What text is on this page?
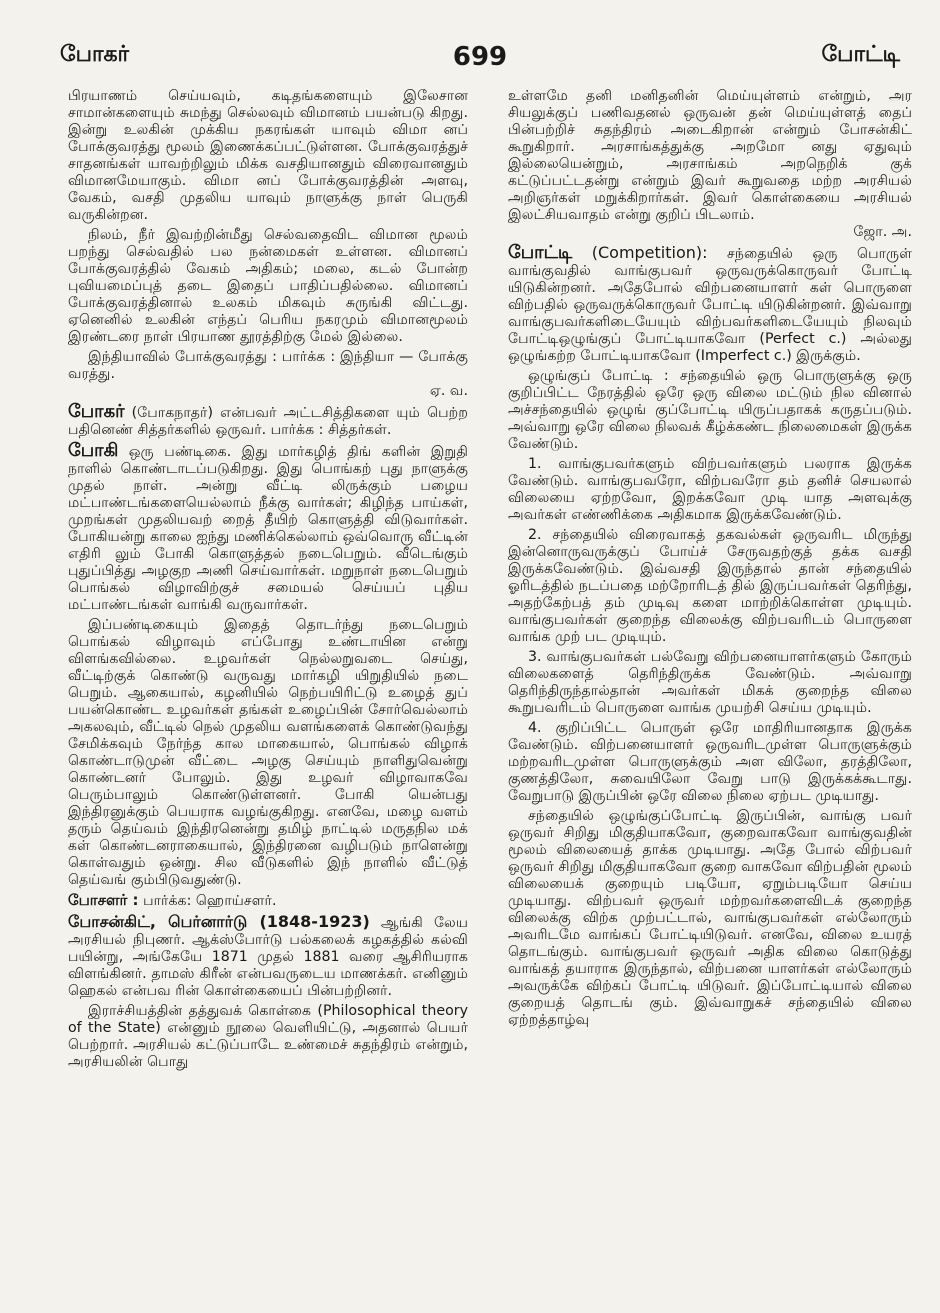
போகர்	699	போட்டி

பிரயாணம் செய்யவும், கடிதங்களையும் இலேசான சாமான்களையும் சுமந்து செல்லவும் விமானம் பயன்படு கிறது. இன்று உலகின் முக்கிய நகரங்கள் யாவும் விமா னப் போக்குவரத்து மூலம் இணைக்கப்பட்டுள்ளன. போக்குவரத்துச் சாதனங்கள் யாவற்றிலும் மிக்க வசதியானதும் விரைவானதும் விமானமேயாகும். விமா னப் போக்குவரத்தின் அளவு, வேகம், வசதி முதலிய யாவும் நாளுக்கு நாள் பெருகி வருகின்றன.

நிலம், நீர் இவற்றின்மீது செல்வதைவிட விமான மூலம் பறந்து செல்வதில் பல நன்மைகள் உள்ளன. விமானப் போக்குவரத்தில் வேகம் அதிகம்; மலை, கடல் போன்ற புவியமைப்புத் தடை இதைப் பாதிப்பதில்லை. விமானப் போக்குவரத்தினால் உலகம் மிகவும் சுருங்கி விட்டது. ஏனெனில் உலகின் எந்தப் பெரிய நகரமும் விமானமூலம் இரண்டரை நாள் பிரயாண தூரத்திற்கு மேல் இல்லை.

இந்தியாவில் போக்குவரத்து : பார்க்க : இந்தியா — போக்கு வரத்து.
ஏ. வ.

போகர் (போகநாதர்) என்பவர் அட்டசித்திகளை யும் பெற்ற பதினெண் சித்தர்களில் ஒருவர். பார்க்க : சித்தர்கள்.

போகி ஒரு பண்டிகை. இது மார்கழித் திங் களின் இறுதி நாளில் கொண்டாடப்படுகிறது. இது பொங்கற் புது நாளுக்கு முதல் நாள். அன்று வீட்டி லிருக்கும் பழைய மட்பாண்டங்களையெல்லாம் நீக்கு வார்கள்; கிழிந்த பாய்கள், முறங்கள் முதலியவற் றைத் தீயிற் கொளுத்தி விடுவார்கள். போகியன்று காலை ஐந்து மணிக்கெல்லாம் ஒவ்வொரு வீட்டின் எதிரி லும் போகி கொளுத்தல் நடைபெறும். வீடெங்கும் புதுப்பித்து அழகுற அணி செய்வார்கள். மறுநாள் நடைபெறும் பொங்கல் விழாவிற்குச் சமையல் செய்யப் புதிய மட்பாண்டங்கள் வாங்கி வருவார்கள்.

இப்பண்டிகையும் இதைத் தொடர்ந்து நடைபெறும் பொங்கல் விழாவும் எப்போது உண்டாயின என்று விளங்கவில்லை. உழவர்கள் நெல்லறுவடை செய்து, வீட்டிற்குக் கொண்டு வருவது மார்கழி யிறுதியில் நடை பெறும். ஆகையால், கழனியில் நெற்பயிரிட்டு உழைத் துப் பயன்கொண்ட உழவர்கள் தங்கள் உழைப்பின் சோர்வெல்லாம் அகலவும், வீட்டில் நெல் முதலிய வளங்களைக் கொண்டுவந்து சேமிக்கவும் நேர்ந்த கால மாகையால், பொங்கல் விழாக் கொண்டாடுமுன் வீட்டை அழகு செய்யும் நாளிதுவென்று கொண்டனர் போலும். இது உழவர் விழாவாகவே பெரும்பாலும் கொண்டுள்ளனர். போகி யென்பது இந்திரனுக்கும் பெயராக வழங்குகிறது. எனவே, மழை வளம் தரும் தெய்வம் இந்திரனென்று தமிழ் நாட்டில் மருதநில மக் கள் கொண்டனராகையால், இந்திரனை வழிபடும் நாளென்று கொள்வதும் ஒன்று. சில வீடுகளில் இந் நாளில் வீட்டுத் தெய்வங் கும்பிடுவதுண்டு.

போசளர் : பார்க்க: ஹொய்சளர்.

போசன்கிட், பெர்னார்டு (1848-1923) ஆங்கி லேய அரசியல் நிபுணர். ஆக்ஸ்போர்டு பல்கலைக் கழகத்தில் கல்வி பயின்று, அங்கேயே 1871 முதல் 1881 வரை ஆசிரியராக விளங்கினர். தாமஸ் கிரீன் என்பவருடைய மாணக்கர். எனினும் ஹெகல் என்பவ ரின் கொள்கையைப் பின்பற்றினர்.

இராச்சியத்தின் தத்துவக் கொள்கை (Philosophical theory of the State) என்னும் நூலை வெளியிட்டு, அதனால் பெயர் பெற்றார். அரசியல் கட்டுப்பாடே உண்மைச் சுதந்திரம் என்றும், அரசியலின் பொது

உள்ளமே தனி மனிதனின் மெய்யுள்ளம் என்றும், அர சியலுக்குப் பணிவதனல் ஒருவன் தன் மெய்யுள்ளத் தைப் பின்பற்றிச் சுதந்திரம் அடைகிறான் என்றும் போசன்கிட் கூறுகிறார். அரசாங்கத்துக்கு அறமோ னது ஏதுவும் இல்லையென்றும், அரசாங்கம் அறநெறிக் குக் கட்டுப்பட்டதன்று என்றும் இவர் கூறுவதை மற்ற அரசியல் அறிஞர்கள் மறுக்கிறார்கள். இவர் கொள்கையை அரசியல் இலட்சியவாதம் என்று குறிப் பிடலாம்.
ஜோ. அ.

போட்டி (Competition): சந்தையில் ஒரு பொருள் வாங்குவதில் வாங்குபவர் ஒருவருக்கொருவர் போட்டி யிடுகின்றனர். அதேபோல் விற்பனையாளர் கள் பொருளை விற்பதில் ஒருவருக்கொருவர் போட்டி யிடுகின்றனர். இவ்வாறு வாங்குபவர்களிடையேயும் விற்பவர்களிடையேயும் நிலவும் போட்டிஒழுங்குப் போட்டியாகவோ (Perfect c.) அல்லது ஒழுங்கற்ற போட்டியாகவோ (Imperfect c.) இருக்கும்.

ஒழுங்குப் போட்டி : சந்தையில் ஒரு பொருளுக்கு ஒரு குறிப்பிட்ட நேரத்தில் ஒரே ஒரு விலை மட்டும் நில வினால் அச்சந்தையில் ஒழுங் குப்போட்டி யிருப்பதாகக் கருதப்படும். அவ்வாறு ஒரே விலை நிலவக் கீழ்க்கண்ட நிலைமைகள் இருக்க வேண்டும்.

1. வாங்குபவர்களும் விற்பவர்களும் பலராக இருக்க வேண்டும். வாங்குபவரோ, விற்பவரோ தம் தனிச் செயலால் விலையை ஏற்றவோ, இறக்கவோ முடி யாத அளவுக்கு அவர்கள் எண்ணிக்கை அதிகமாக இருக்கவேண்டும்.

2. சந்தையில் விரைவாகத் தகவல்கள் ஒருவரிட மிருந்து இன்னொருவருக்குப் போய்ச் சேருவதற்குத் தக்க வசதி இருக்கவேண்டும். இவ்வசதி இருந்தால் தான் சந்தையில் ஓரிடத்தில் நடப்பதை மற்றோரிடத் தில் இருப்பவர்கள் தெரிந்து, அதற்கேற்பத் தம் முடிவு களை மாற்றிக்கொள்ள முடியும். வாங்குபவர்கள் குறைந்த விலைக்கு விற்பவரிடம் பொருளை வாங்க முற் பட முடியும்.

3. வாங்குபவர்கள் பல்வேறு விற்பனையாளர்களும் கோரும் விலைகளைத் தெரிந்திருக்க வேண்டும். அவ்வாறு தெரிந்திருந்தால்தான் அவர்கள் மிகக் குறைந்த விலை கூறுபவரிடம் பொருளை வாங்க முயற்சி செய்ய முடியும்.

4. குறிப்பிட்ட பொருள் ஒரே மாதிரியானதாக இருக்க வேண்டும். விற்பனையாளர் ஒருவரிடமுள்ள பொருளுக்கும் மற்றவரிடமுள்ள பொருளுக்கும் அள விலோ, தரத்திலோ, குணத்திலோ, சுவையிலோ வேறு பாடு இருக்கக்கூடாது. வேறுபாடு இருப்பின் ஒரே விலை நிலை ஏற்பட முடியாது.

சந்தையில் ஒழுங்குப்போட்டி இருப்பின், வாங்கு பவர் ஒருவர் சிறிது மிகுதியாகவோ, குறைவாகவோ வாங்குவதின் மூலம் விலையைத் தாக்க முடியாது. அதே போல் விற்பவர் ஒருவர் சிறிது மிகுதியாகவோ குறை வாகவோ விற்பதின் மூலம் விலையைக் குறையும் படியோ, ஏறும்படியோ செய்ய முடியாது. விற்பவர் ஒருவர் மற்றவர்களைவிடக் குறைந்த விலைக்கு விற்க முற்பட்டால், வாங்குபவர்கள் எல்லோரும் அவரிடமே வாங்கப் போட்டியிடுவர். எனவே, விலை உயரத் தொடங்கும். வாங்குபவர் ஒருவர் அதிக விலை கொடுத்து வாங்கத் தயாராக இருந்தால், விற்பனை யாளர்கள் எல்லோரும் அவருக்கே விற்கப் போட்டி யிடுவர். இப்போட்டியால் விலை குறையத் தொடங் கும். இவ்வாறுகச் சந்தையில் விலை ஏற்றத்தாழ்வு
